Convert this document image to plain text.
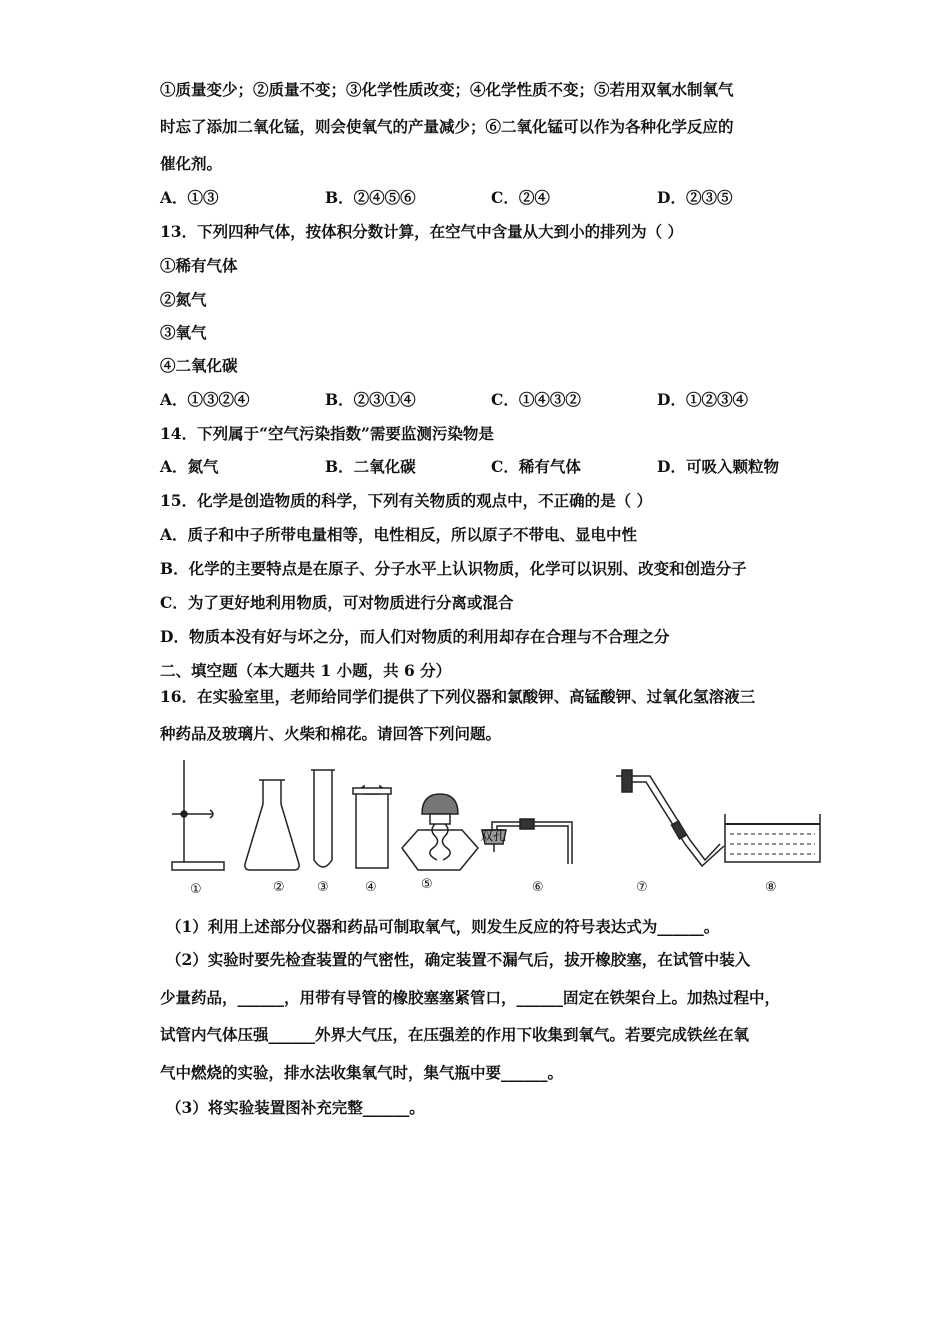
①质量变少；②质量不变；③化学性质改变；④化学性质不变；⑤若用双氧水制氧气
时忘了添加二氧化锰，则会使氧气的产量减少；⑥二氧化锰可以作为各种化学反应的
催化剂。
A．①③	B．②④⑤⑥	C．②④	D．②③⑤
13．下列四种气体，按体积分数计算，在空气中含量从大到小的排列为（ ）
①稀有气体
②氮气
③氧气
④二氧化碳
A．①③②④	B．②③①④	C．①④③②	D．①②③④
14．下列属于“空气污染指数”需要监测污染物是
A．氮气	B．二氧化碳	C．稀有气体	D．可吸入颗粒物
15．化学是创造物质的科学，下列有关物质的观点中，不正确的是（ ）
A．质子和中子所带电量相等，电性相反，所以原子不带电、显电中性
B．化学的主要特点是在原子、分子水平上认识物质，化学可以识别、改变和创造分子
C．为了更好地利用物质，可对物质进行分离或混合
D．物质本没有好与坏之分，而人们对物质的利用却存在合理与不合理之分
二、填空题（本大题共 1 小题，共 6 分）
16．在实验室里，老师给同学们提供了下列仪器和氯酸钾、高锰酸钾、过氧化氢溶液三
种药品及玻璃片、火柴和棉花。请回答下列问题。
①	② ③	④	⑤	⑥	⑦	⑧
双孔
（1）利用上述部分仪器和药品可制取氧气，则发生反应的符号表达式为______。
（2）实验时要先检查装置的气密性，确定装置不漏气后，拔开橡胶塞，在试管中装入
少量药品，______，用带有导管的橡胶塞塞紧管口，______固定在铁架台上。加热过程中，
试管内气体压强______外界大气压，在压强差的作用下收集到氧气。若要完成铁丝在氧
气中燃烧的实验，排水法收集氧气时，集气瓶中要______。
（3）将实验装置图补充完整______。
